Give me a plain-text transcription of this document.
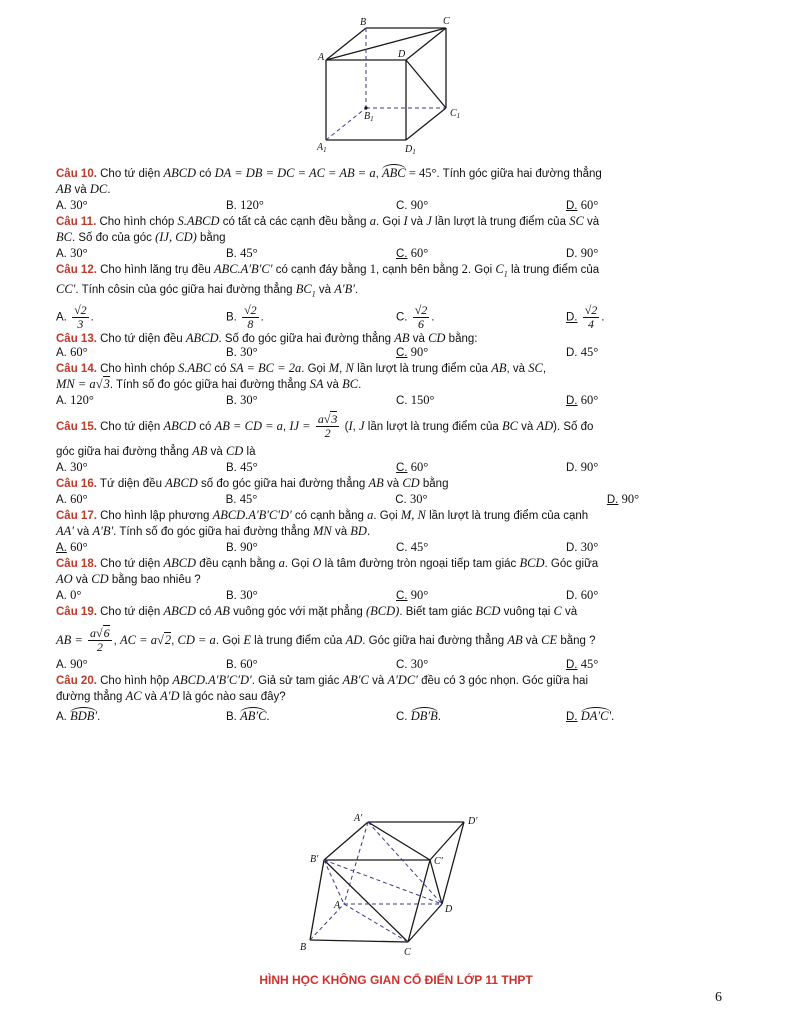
B	C
A	D
$B_1$	$C_1$
$A_1$	$D_1$
Câu 10. Cho tứ diện ABCD có DA = DB = DC = AC = AB = a, ABC = 45°. Tính góc giữa hai đường thẳng
AB và DC.
A. 30°	B. 120°	C. 90°	D. 60°
Câu 11. Cho hình chóp S.ABCD có tất cả các cạnh đều bằng a. Gọi I và J lần lượt là trung điểm của SC và
BC. Số đo của góc (IJ, CD) bằng
A. 30°	B. 45°	C. 60°	D. 90°
Câu 12. Cho hình lăng trụ đều ABC.A′B′C′ có cạnh đáy bằng 1, cạnh bên bằng 2. Gọi $C_1$ là trung điểm của
CC′. Tính côsin của góc giữa hai đường thẳng $BC_1$ và A′B′.
A. $\frac{√2}{3}$ .	B. $\frac{√2}{8}$ .	C. $\frac{√2}{6}$ .	D. $\frac{√2}{4}$ .
Câu 13. Cho tứ diện đều ABCD. Số đo góc giữa hai đường thẳng AB và CD bằng:
A. 60°	B. 30°	C. 90°	D. 45°
Câu 14. Cho hình chóp S.ABC có SA = BC = 2a. Gọi M, N lần lượt là trung điểm của AB, và SC,
MN = a√3. Tính số đo góc giữa hai đường thẳng SA và BC.
A. 120°	B. 30°	C. 150°	D. 60°
Câu 15. Cho tứ diện ABCD có AB = CD = a, IJ = $\frac{a√3}{2} (I$, J lần lượt là trung điểm của BC và AD). Số đo
góc giữa hai đường thẳng AB và CD là
A. 30°	B. 45°	C. 60°	D. 90°
Câu 16. Tứ diện đều ABCD số đo góc giữa hai đường thẳng AB và CD bằng
A. 60°	B. 45°	C. 30°	D. 90°
Câu 17. Cho hình lập phương ABCD.A'B'C'D' có cạnh bằng a. Gọi M, N lần lượt là trung điểm của cạnh
AA' và A'B'. Tính số đo góc giữa hai đường thẳng MN và BD.
A. 60°	B. 90°	C. 45°	D. 30°
Câu 18. Cho tứ diện ABCD đều cạnh bằng a. Gọi O là tâm đường tròn ngoại tiếp tam giác BCD. Góc giữa
AO và CD bằng bao nhiêu ?
A. 0°	B. 30°	C. 90°	D. 60°
Câu 19. Cho tứ diện ABCD có AB vuông góc với mặt phẳng (BCD). Biết tam giác BCD vuông tại C và
AB = $\frac{a√6}{2}$ , AC = a√2, CD = a. Gọi E là trung điểm của AD. Góc giữa hai đường thẳng AB và CE bằng ?
A. 90°	B. 60°	C. 30°	D. 45°
Câu 20. Cho hình hộp ABCD.A′B′C′D′. Giả sử tam giác AB′C và A′DC′ đều có 3 góc nhọn. Góc giữa hai
đường thẳng AC và A′D là góc nào sau đây?
A. BDB′.	B. AB′C.	C. DB′B.	D. DA′C′.
A′	D′
B′	C′
A	D
B	C
HÌNH HỌC KHÔNG GIAN CỔ ĐIỂN LỚP 11 THPT
6
